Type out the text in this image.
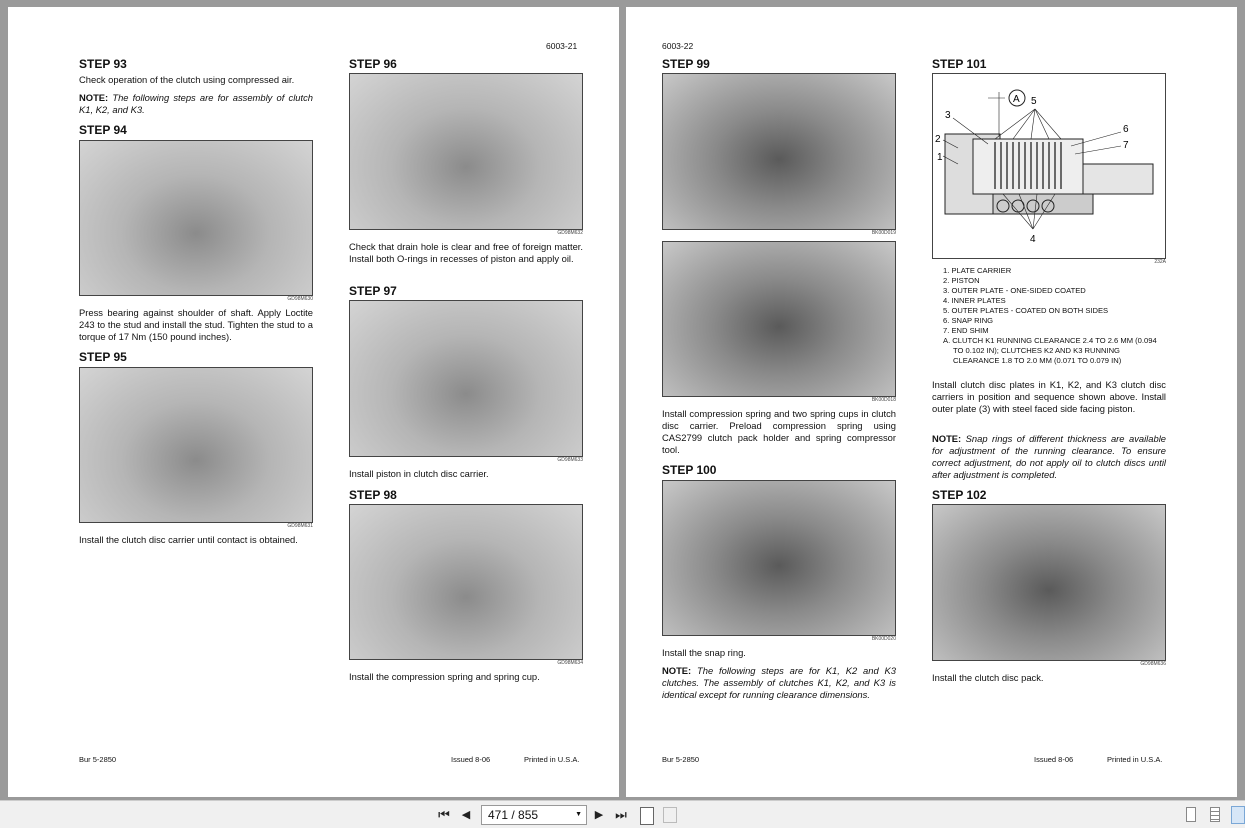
6003-21
STEP 93
Check operation of the clutch using compressed air.
NOTE: The following steps are for assembly of clutch K1, K2, and K3.
STEP 94
GD98M630
Press bearing against shoulder of shaft. Apply Loctite 243 to the stud and install the stud. Tighten the stud to a torque of 17 Nm (150 pound inches).
STEP 95
GD98M631
Install the clutch disc carrier until contact is obtained.
STEP 96
GD98M632
Check that drain hole is clear and free of foreign matter. Install both O-rings in recesses of piston and apply oil.
STEP 97
GD98M633
Install piston in clutch disc carrier.
STEP 98
GD98M634
Install the compression spring and spring cup.
Bur 5-2850	Issued 8-06	Printed in U.S.A.
6003-22
STEP 99
BK00D019
BK00D018
Install compression spring and two spring cups in clutch disc carrier. Preload compression spring using CAS2799 clutch pack holder and spring compressor tool.
STEP 100
BK00D020
Install the snap ring.
NOTE: The following steps are for K1, K2 and K3 clutches. The assembly of clutches K1, K2, and K3 is identical except for running clearance dimensions.
STEP 101
A
1
2
3
4
5
6
7
232A
1. PLATE CARRIER
2. PISTON
3. OUTER PLATE - ONE-SIDED COATED
4. INNER PLATES
5. OUTER PLATES - COATED ON BOTH SIDES
6. SNAP RING
7. END SHIM
A. CLUTCH K1 RUNNING CLEARANCE 2.4 TO 2.6 MM (0.094 TO 0.102 IN); CLUTCHES K2 AND K3 RUNNING CLEARANCE 1.8 TO 2.0 MM (0.071 TO 0.079 IN)
Install clutch disc plates in K1, K2, and K3 clutch disc carriers in position and sequence shown above. Install outer plate (3) with steel faced side facing piston.
NOTE: Snap rings of different thickness are available for adjustment of the running clearance. To ensure correct adjustment, do not apply oil to clutch discs until after adjustment is completed.
STEP 102
GD98M636
Install the clutch disc pack.
Bur 5-2850	Issued 8-06	Printed in U.S.A.
⏮ ◀	471 / 855	▼ ▶ ⏭
